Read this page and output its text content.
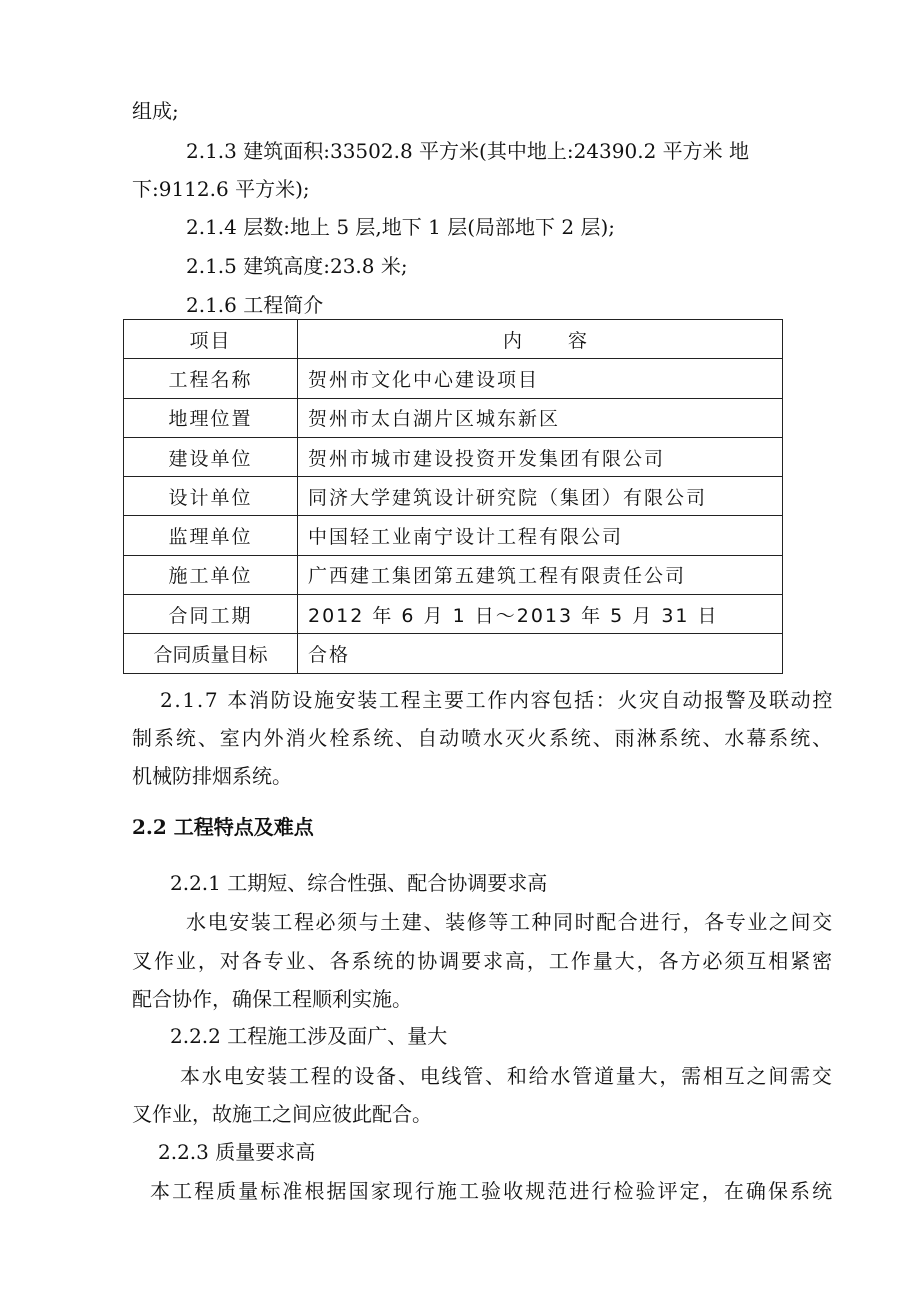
组成;
2.1.3 建筑面积:33502.8 平方米(其中地上:24390.2 平方米 地
下:9112.6 平方米);
2.1.4 层数:地上 5 层,地下 1 层(局部地下 2 层);
2.1.5 建筑高度:23.8 米;
2.1.6 工程简介
项目	内 容
工程名称	贺州市文化中心建设项目
地理位置	贺州市太白湖片区城东新区
建设单位	贺州市城市建设投资开发集团有限公司
设计单位	同济大学建筑设计研究院（集团）有限公司
监理单位	中国轻工业南宁设计工程有限公司
施工单位	广西建工集团第五建筑工程有限责任公司
合同工期	2012 年 6 月 1 日～2013 年 5 月 31 日
合同质量目标	合格
2.1.7 本消防设施安装工程主要工作内容包括：火灾自动报警及联动控
制系统、室内外消火栓系统、自动喷水灭火系统、雨淋系统、水幕系统、
机械防排烟系统。
2.2 工程特点及难点
2.2.1 工期短、综合性强、配合协调要求高
水电安装工程必须与土建、装修等工种同时配合进行，各专业之间交
叉作业，对各专业、各系统的协调要求高，工作量大，各方必须互相紧密
配合协作，确保工程顺利实施。
2.2.2 工程施工涉及面广、量大
本水电安装工程的设备、电线管、和给水管道量大，需相互之间需交
叉作业，故施工之间应彼此配合。
2.2.3 质量要求高
本工程质量标准根据国家现行施工验收规范进行检验评定，在确保系统
